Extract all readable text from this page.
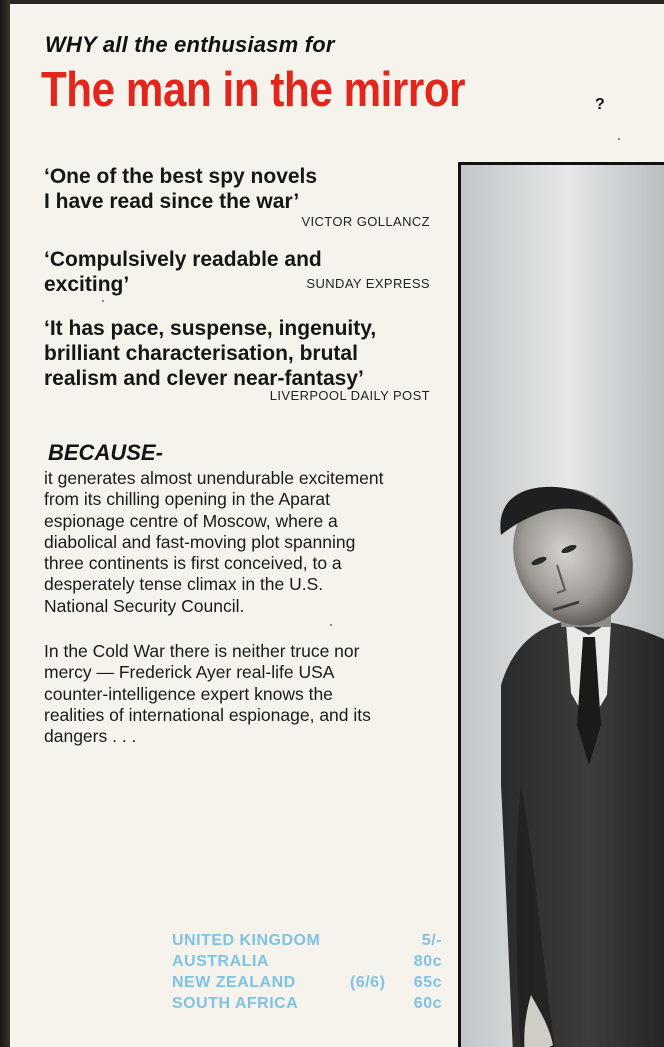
WHY all the enthusiasm for

The man in the mirror	?

‘One of the best spy novels
I have read since the war’

VICTOR GOLLANCZ

‘Compulsively readable and
exciting’	SUNDAY EXPRESS

‘It has pace, suspense, ingenuity,
brilliant characterisation, brutal
realism and clever near-fantasy’

LIVERPOOL DAILY POST

BECAUSE-

it generates almost unendurable excitement
from its chilling opening in the Aparat
espionage centre of Moscow, where a
diabolical and fast-moving plot spanning
three continents is first conceived, to a
desperately tense climax in the U.S.
National Security Council.

In the Cold War there is neither truce nor
mercy — Frederick Ayer real-life USA
counter-intelligence expert knows the
realities of international espionage, and its
dangers . . .

UNITED KINGDOM	5/-
AUSTRALIA	80c
NEW ZEALAND	(6/6) 65c
SOUTH AFRICA	60c
